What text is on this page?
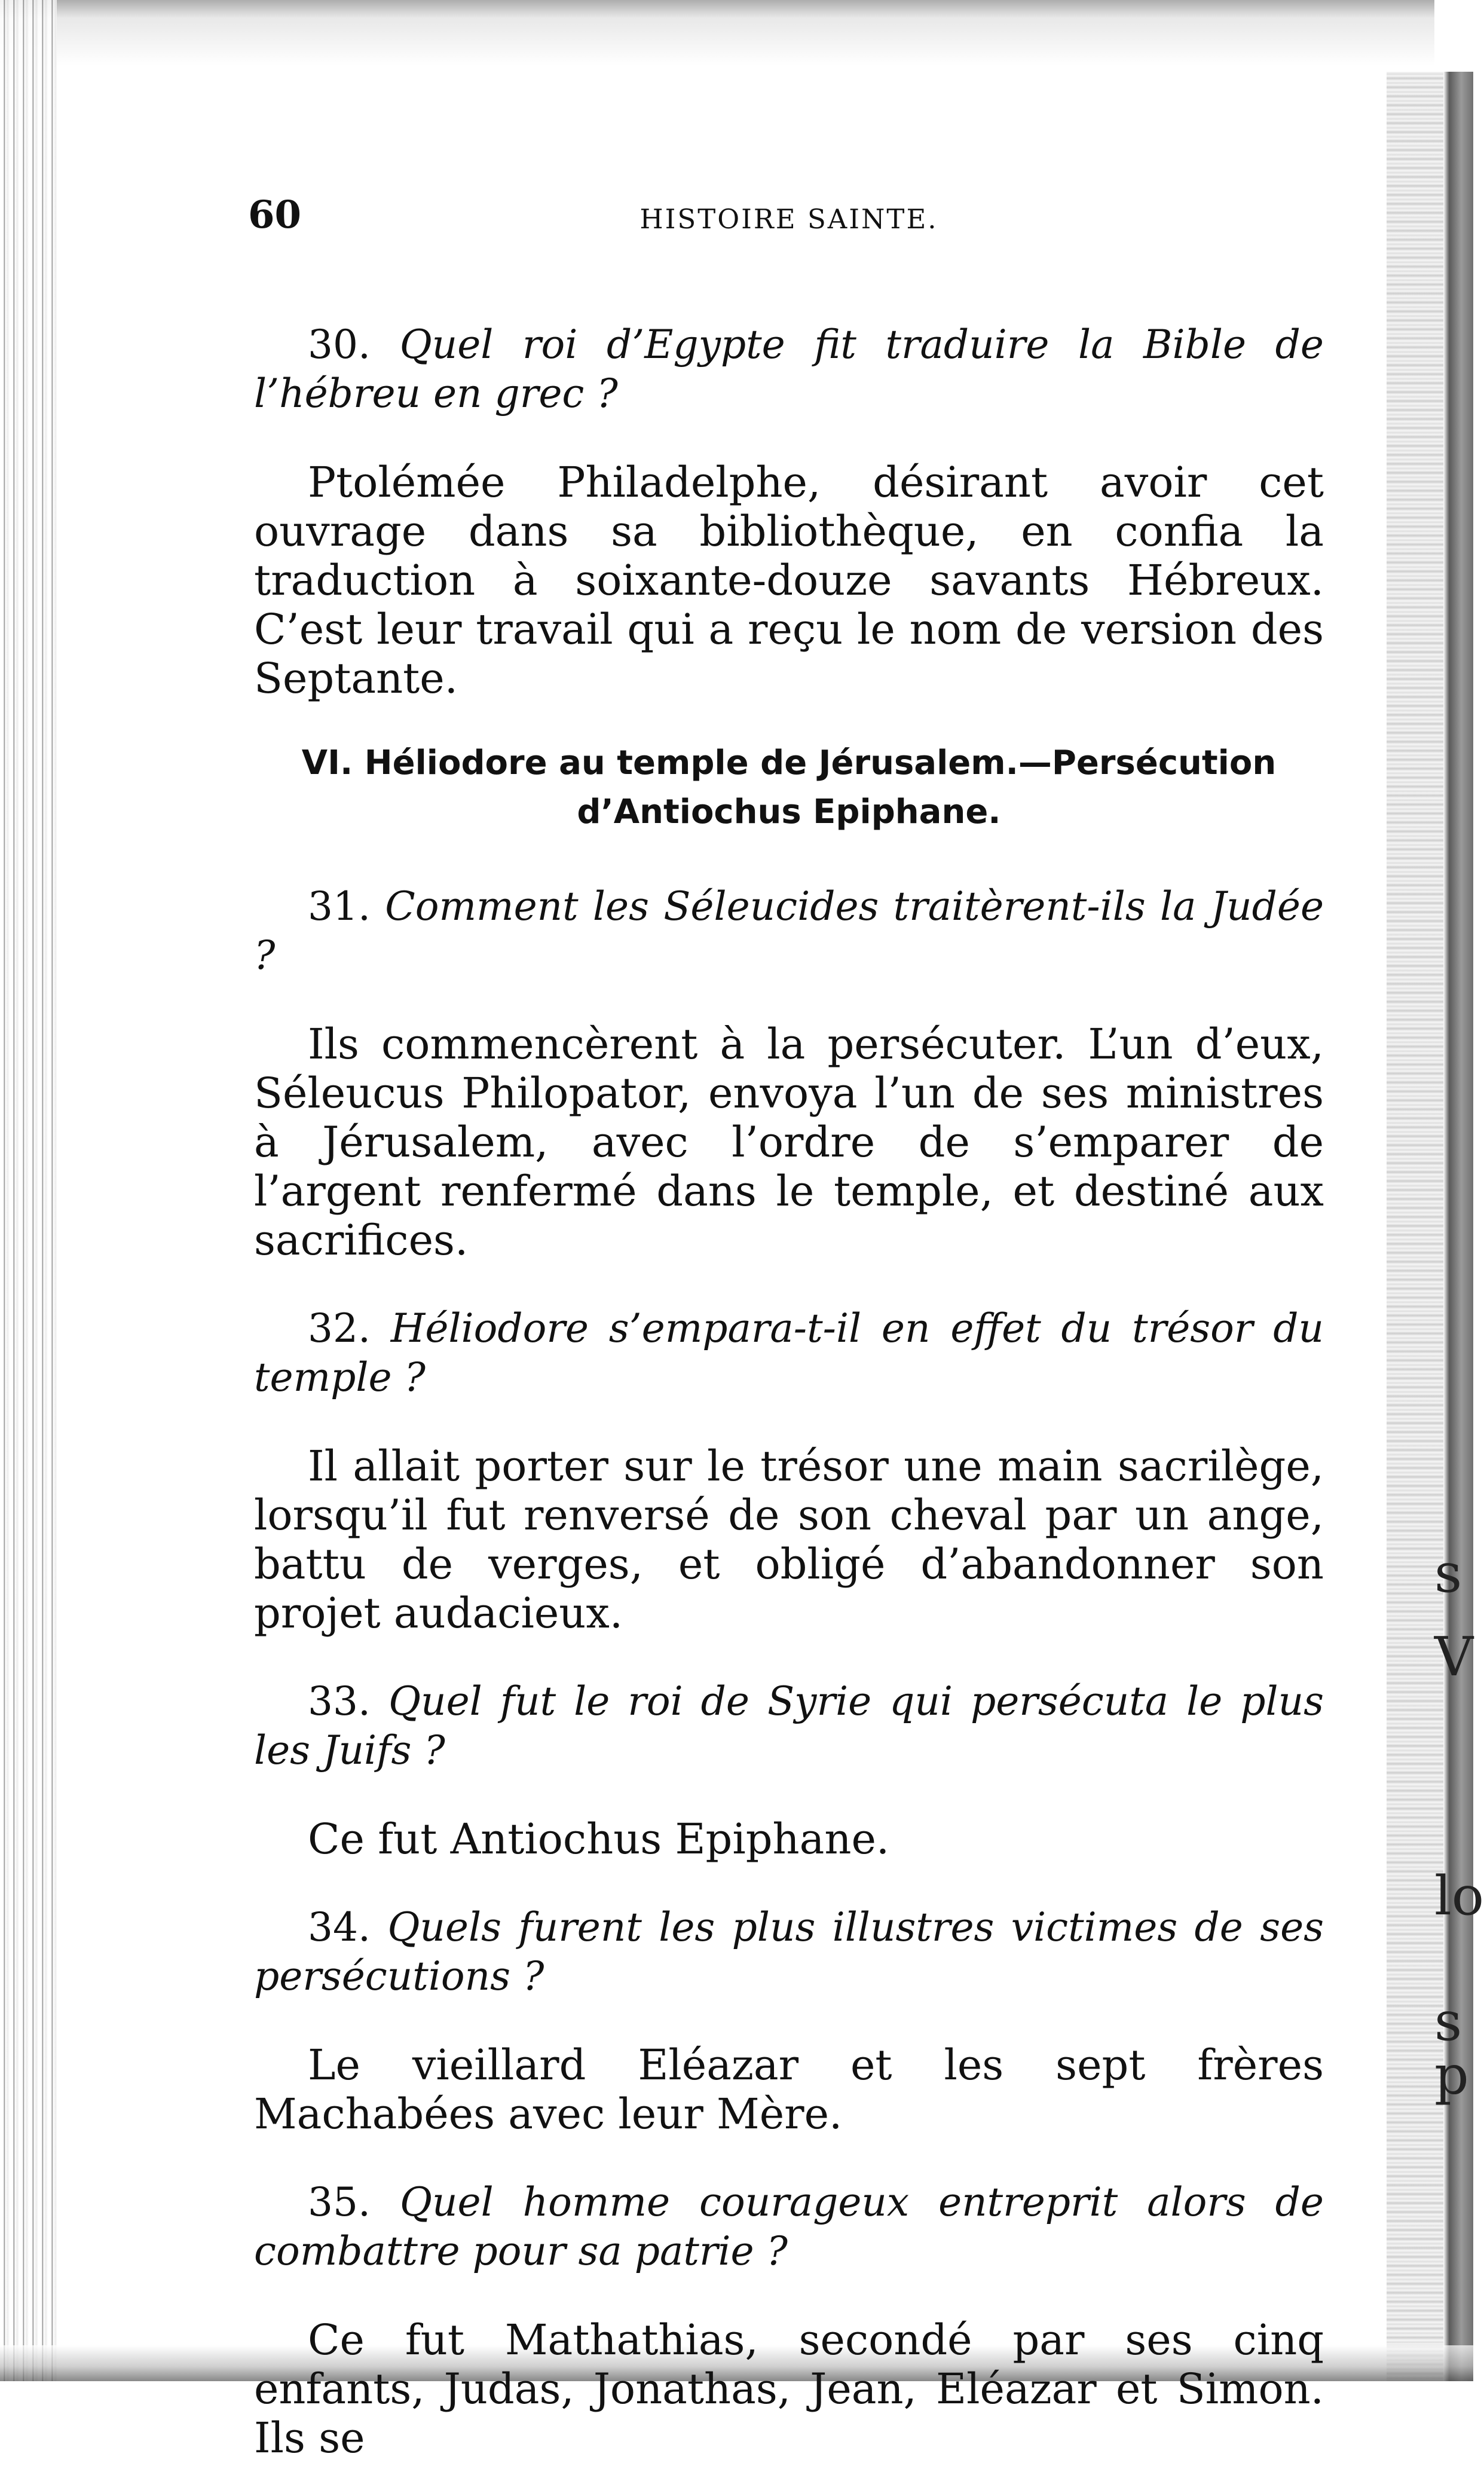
s
V
lo
s
p
60	HISTOIRE SAINTE.

30. Quel roi d’Egypte fit traduire la Bible de l’hébreu en grec ?

Ptolémée Philadelphe, désirant avoir cet ouvrage dans sa bibliothèque, en confia la traduction à soixante-douze savants Hébreux. C’est leur travail qui a reçu le nom de version des Septante.

VI. Héliodore au temple de Jérusalem.—Persécution d’Antiochus Epiphane.

31. Comment les Séleucides traitèrent-ils la Judée ?

Ils commencèrent à la persécuter. L’un d’eux, Séleucus Philopator, envoya l’un de ses ministres à Jérusalem, avec l’ordre de s’emparer de l’argent renfermé dans le temple, et destiné aux sacrifices.

32. Héliodore s’empara-t-il en effet du trésor du temple ?

Il allait porter sur le trésor une main sacrilège, lorsqu’il fut renversé de son cheval par un ange, battu de verges, et obligé d’abandonner son projet audacieux.

33. Quel fut le roi de Syrie qui persécuta le plus les Juifs ?

Ce fut Antiochus Epiphane.

34. Quels furent les plus illustres victimes de ses persécutions ?

Le vieillard Eléazar et les sept frères Machabées avec leur Mère.

35. Quel homme courageux entreprit alors de combattre pour sa patrie ?

Ce fut Mathathias, secondé par ses cinq enfants, Judas, Jonathas, Jean, Eléazar et Simon. Ils se
